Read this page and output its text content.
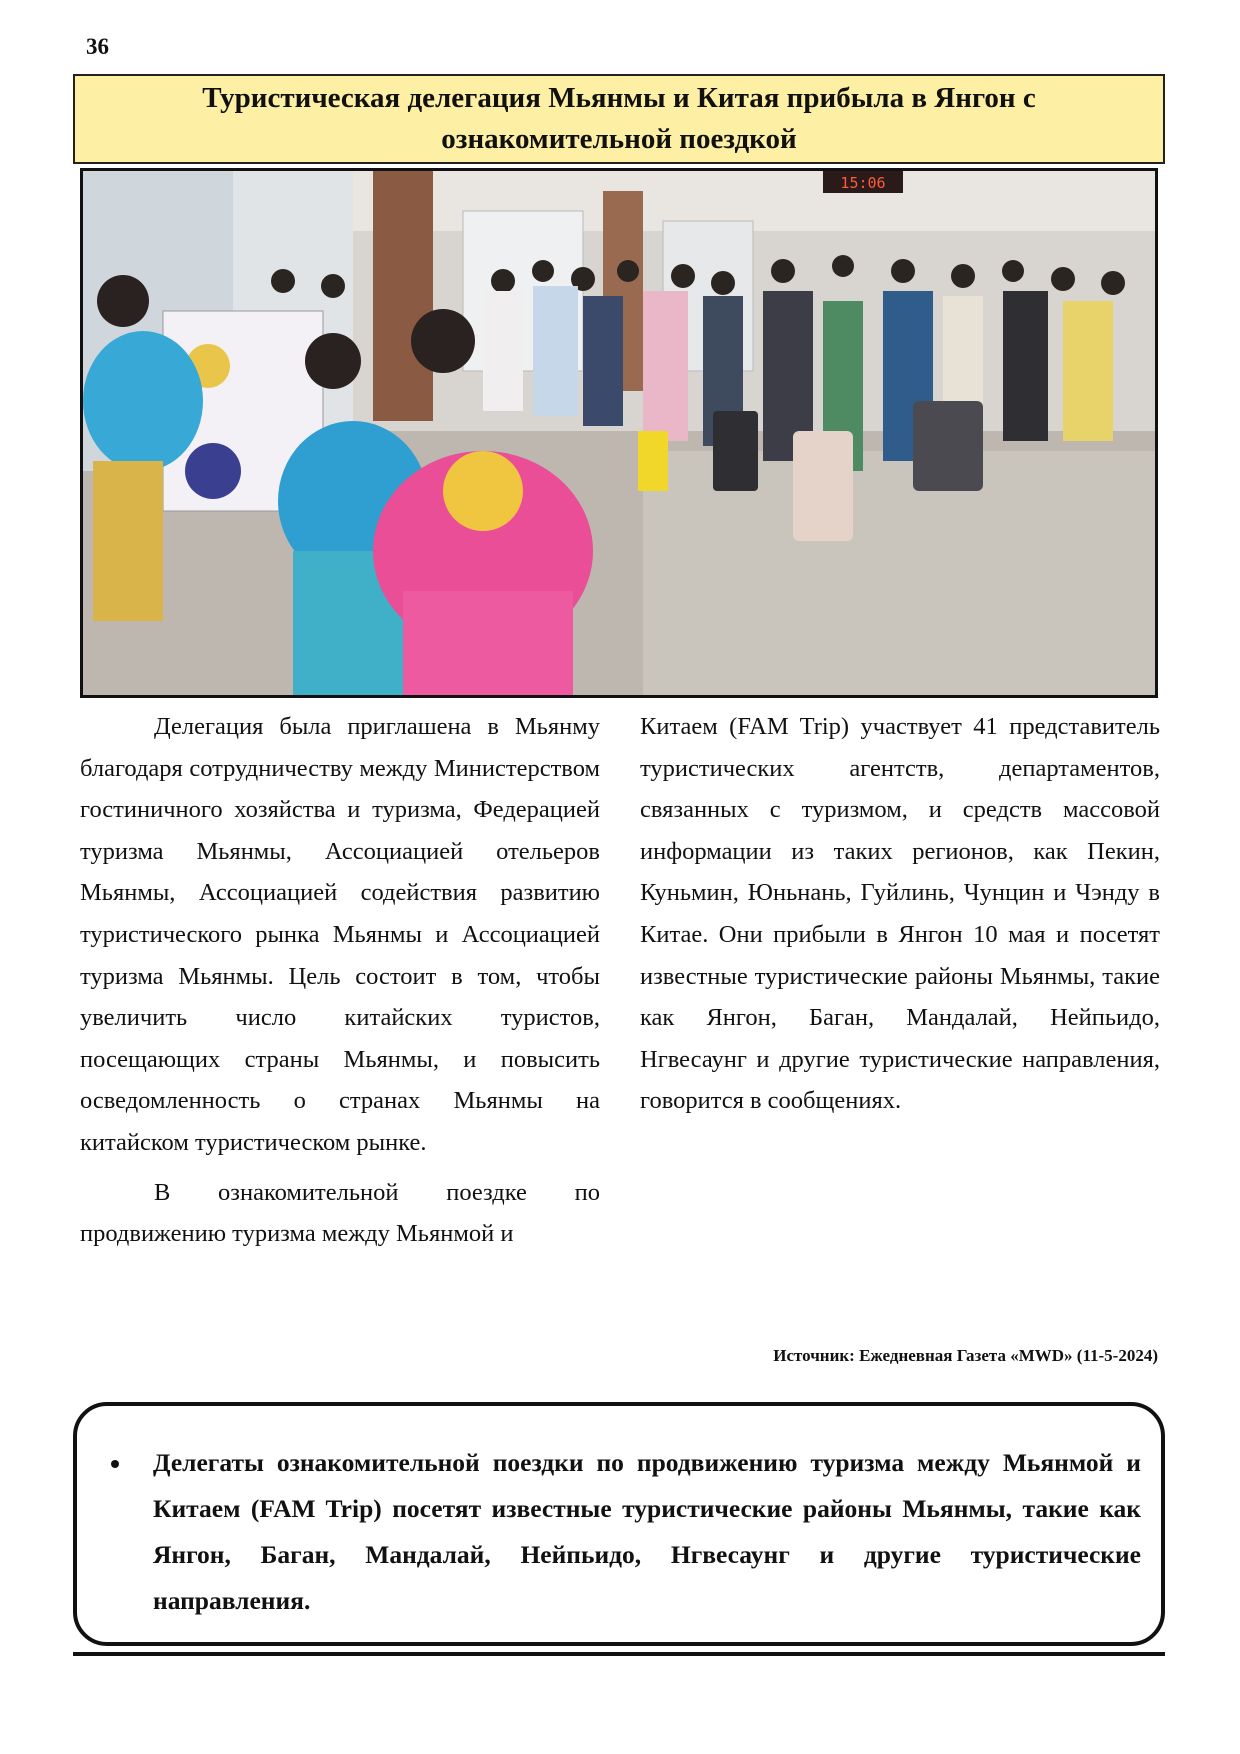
36
Туристическая делегация Мьянмы и Китая прибыла в Янгон с ознакомительной поездкой
15:06

Делегация была приглашена в Мьянму благодаря сотрудничеству между Министерством гостиничного хозяйства и туризма, Федерацией туризма Мьянмы, Ассоциацией отельеров Мьянмы, Ассоциацией содействия развитию туристического рынка Мьянмы и Ассоциацией туризма Мьянмы. Цель состоит в том, чтобы увеличить число китайских туристов, посещающих страны Мьянмы, и повысить осведомленность о странах Мьянмы на китайском туристическом рынке.

В ознакомительной поездке по продвижению туризма между Мьянмой и

Китаем (FAM Trip) участвует 41 представитель туристических агентств, департаментов, связанных с туризмом, и средств массовой информации из таких регионов, как Пекин, Куньмин, Юньнань, Гуйлинь, Чунцин и Чэнду в Китае. Они прибыли в Янгон 10 мая и посетят известные туристические районы Мьянмы, такие как Янгон, Баган, Мандалай, Нейпьидо, Нгвесаунг и другие туристические направления, говорится в сообщениях.

Источник: Ежедневная Газета «MWD» (11-5-2024)
• Делегаты ознакомительной поездки по продвижению туризма между Мьянмой и Китаем (FAM Trip) посетят известные туристические районы Мьянмы, такие как Янгон, Баган, Мандалай, Нейпьидо, Нгвесаунг и другие туристические направления.
